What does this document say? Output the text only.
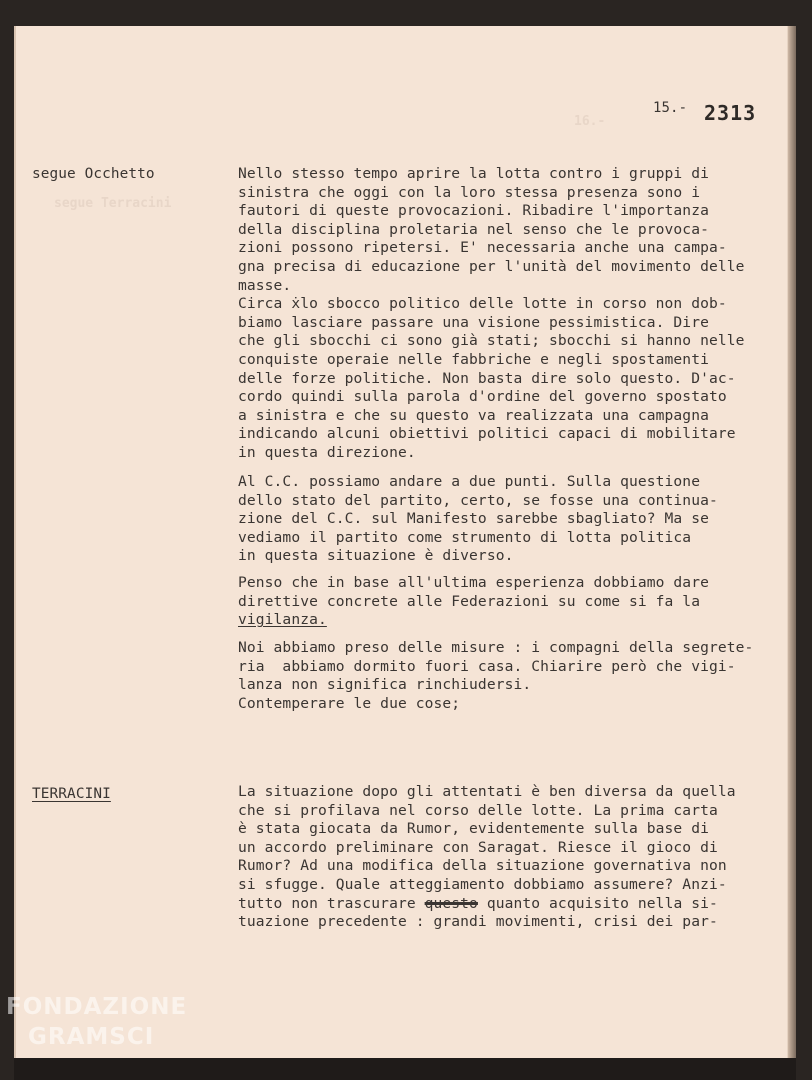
16.-
segue Terracini
15.- 2313
segue Occhetto	Nello stesso tempo aprire la lotta contro i gruppi di
sinistra che oggi con la loro stessa presenza sono i
fautori di queste provocazioni. Ribadire l'importanza
della disciplina proletaria nel senso che le provoca-
zioni possono ripetersi. E' necessaria anche una campa-
gna precisa di educazione per l'unità del movimento delle
masse.
Circa ẋlo sbocco politico delle lotte in corso non dob-
biamo lasciare passare una visione pessimistica. Dire
che gli sbocchi ci sono già stati; sbocchi si hanno nelle
conquiste operaie nelle fabbriche e negli spostamenti
delle forze politiche. Non basta dire solo questo. D'ac-
cordo quindi sulla parola d'ordine del governo spostato
a sinistra e che su questo va realizzata una campagna
indicando alcuni obiettivi politici capaci di mobilitare
in questa direzione.
Al C.C. possiamo andare a due punti. Sulla questione
dello stato del partito, certo, se fosse una continua-
zione del C.C. sul Manifesto sarebbe sbagliato? Ma se
vediamo il partito come strumento di lotta politica
in questa situazione è diverso.
Penso che in base all'ultima esperienza dobbiamo dare
direttive concrete alle Federazioni su come si fa la
vigilanza.
Noi abbiamo preso delle misure : i compagni della segrete-
ria  abbiamo dormito fuori casa. Chiarire però che vigi-
lanza non significa rinchiudersi.
Contemperare le due cose;
TERRACINI	La situazione dopo gli attentati è ben diversa da quella
che si profilava nel corso delle lotte. La prima carta
è stata giocata da Rumor, evidentemente sulla base di
un accordo preliminare con Saragat. Riesce il gioco di
Rumor? Ad una modifica della situazione governativa non
si sfugge. Quale atteggiamento dobbiamo assumere? Anzi-
tutto non trascurare questo quanto acquisito nella si-
tuazione precedente : grandi movimenti, crisi dei par-
FONDAZIONE
GRAMSCI
